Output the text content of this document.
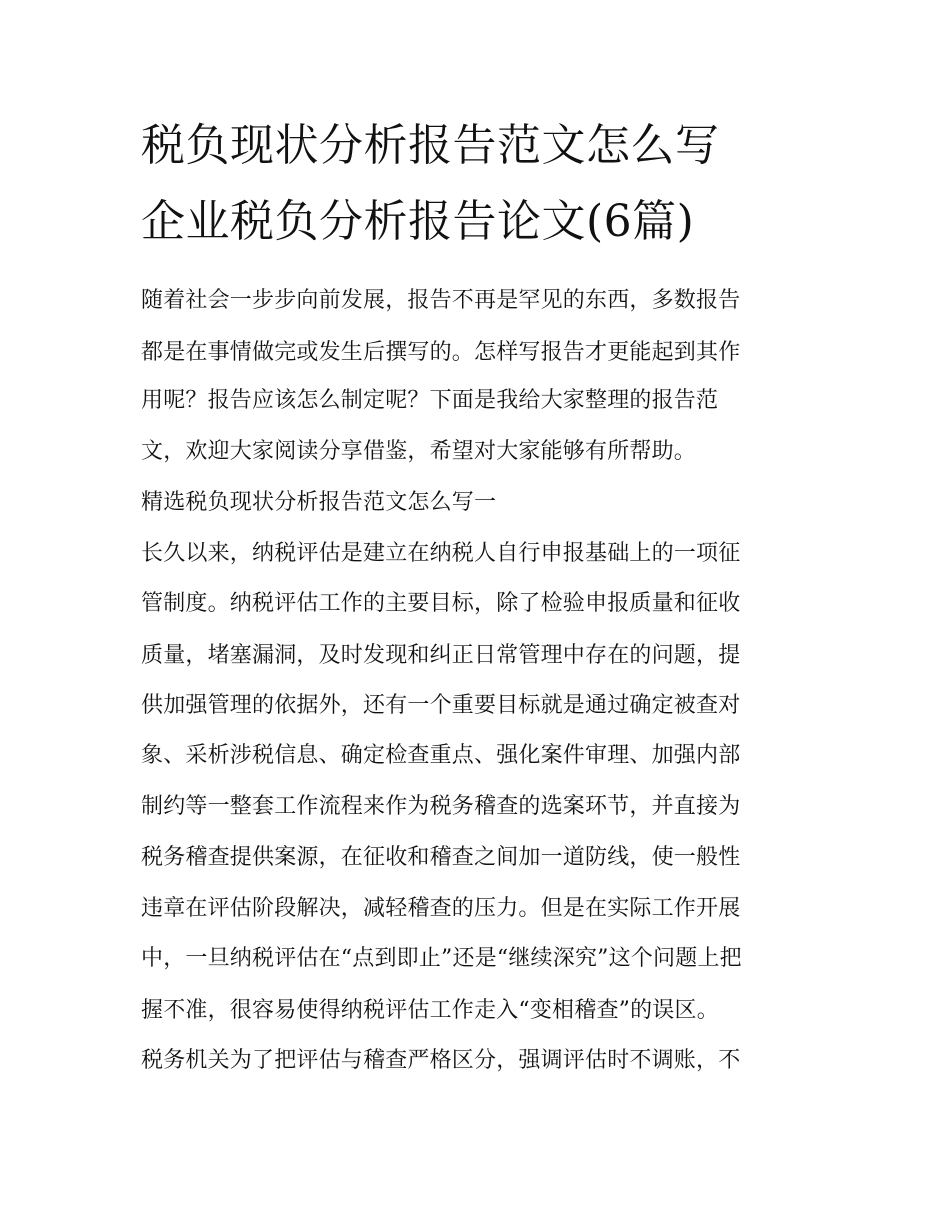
税负现状分析报告范文怎么写
企业税负分析报告论文(6篇)
随着社会一步步向前发展，报告不再是罕见的东西，多数报告
都是在事情做完或发生后撰写的。怎样写报告才更能起到其作
用呢？报告应该怎么制定呢？下面是我给大家整理的报告范
文，欢迎大家阅读分享借鉴，希望对大家能够有所帮助。
精选税负现状分析报告范文怎么写一
长久以来，纳税评估是建立在纳税人自行申报基础上的一项征
管制度。纳税评估工作的主要目标，除了检验申报质量和征收
质量，堵塞漏洞，及时发现和纠正日常管理中存在的问题，提
供加强管理的依据外，还有一个重要目标就是通过确定被查对
象、采析涉税信息、确定检查重点、强化案件审理、加强内部
制约等一整套工作流程来作为税务稽查的选案环节，并直接为
税务稽查提供案源，在征收和稽查之间加一道防线，使一般性
违章在评估阶段解决，减轻稽查的压力。但是在实际工作开展
中，一旦纳税评估在“点到即止”还是“继续深究”这个问题上把
握不准，很容易使得纳税评估工作走入“变相稽查”的误区。
税务机关为了把评估与稽查严格区分，强调评估时不调账，不
